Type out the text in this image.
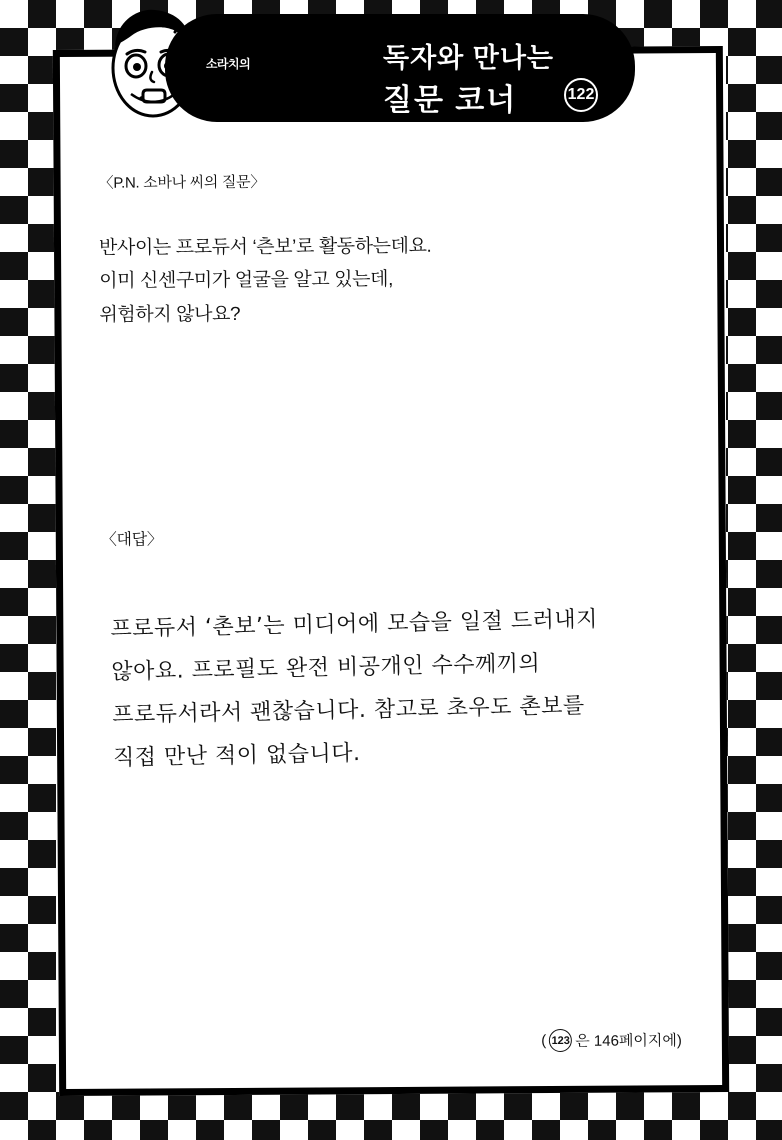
〈P.N. 소바나 씨의 질문〉
반사이는 프로듀서 ‘츤보’로 활동하는데요.
이미 신센구미가 얼굴을 알고 있는데,
위험하지 않나요?
〈대답〉
프로듀서 ‘촌보’는 미디어에 모습을 일절 드러내지
않아요. 프로필도 완전 비공개인 수수께끼의
프로듀서라서 괜찮습니다. 참고로 초우도 촌보를
직접 만난 적이 없습니다.
( 123 은 146페이지에)
소라치의	독자와 만나는
질문 코너	122
